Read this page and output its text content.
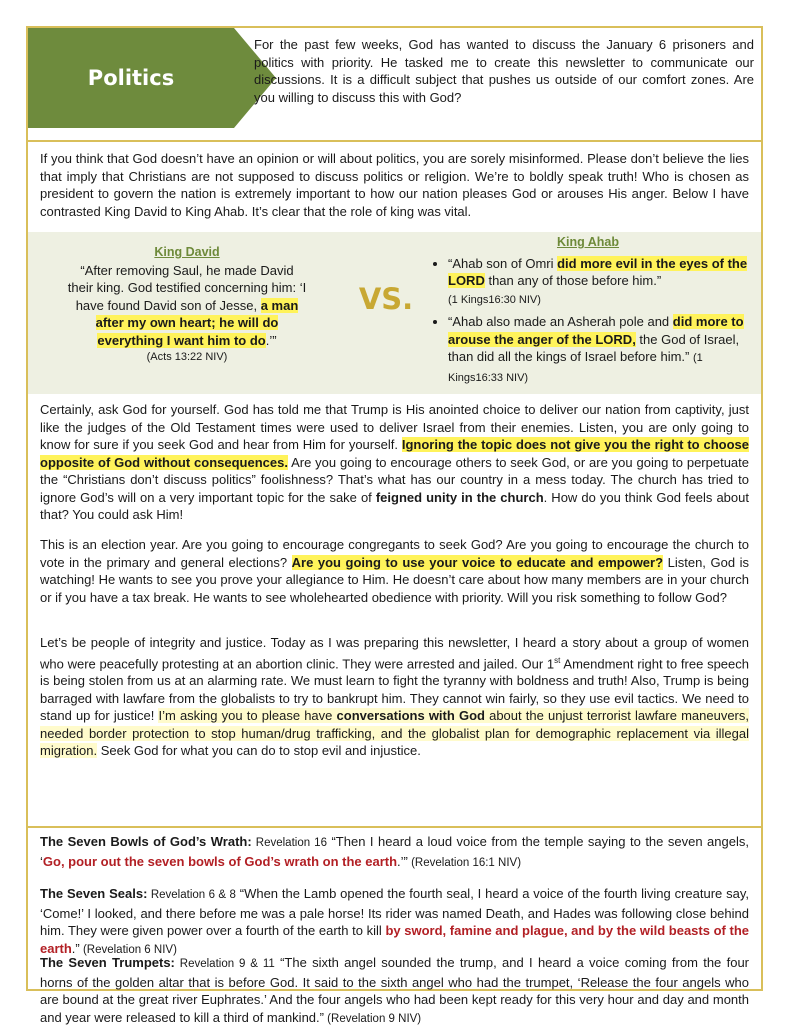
Politics
For the past few weeks, God has wanted to discuss the January 6 prisoners and politics with priority. He tasked me to create this newsletter to communicate our discussions. It is a difficult subject that pushes us outside of our comfort zones. Are you willing to discuss this with God?
If you think that God doesn’t have an opinion or will about politics, you are sorely misinformed. Please don’t believe the lies that imply that Christians are not supposed to discuss politics or religion. We’re to boldly speak truth! Who is chosen as president to govern the nation is extremely important to how our nation pleases God or arouses His anger. Below I have contrasted King David to King Ahab. It’s clear that the role of king was vital.
King David
“After removing Saul, he made David their king. God testified concerning him: ‘I have found David son of Jesse, a man after my own heart; he will do everything I want him to do.’”
(Acts 13:22 NIV)
VS.
King Ahab
• “Ahab son of Omri did more evil in the eyes of the LORD than any of those before him.”
(1 Kings16:30 NIV)
• “Ahab also made an Asherah pole and did more to arouse the anger of the LORD, the God of Israel, than did all the kings of Israel before him.” (1 Kings16:33 NIV)
Certainly, ask God for yourself. God has told me that Trump is His anointed choice to deliver our nation from captivity, just like the judges of the Old Testament times were used to deliver Israel from their enemies. Listen, you are only going to know for sure if you seek God and hear from Him for yourself. Ignoring the topic does not give you the right to choose opposite of God without consequences. Are you going to encourage others to seek God, or are you going to perpetuate the “Christians don’t discuss politics” foolishness? That’s what has our country in a mess today. The church has tried to ignore God’s will on a very important topic for the sake of feigned unity in the church. How do you think God feels about that? You could ask Him!
This is an election year. Are you going to encourage congregants to seek God? Are you going to encourage the church to vote in the primary and general elections? Are you going to use your voice to educate and empower? Listen, God is watching! He wants to see you prove your allegiance to Him. He doesn’t care about how many members are in your church or if you have a tax break. He wants to see wholehearted obedience with priority. Will you risk something to follow God?
Let’s be people of integrity and justice. Today as I was preparing this newsletter, I heard a story about a group of women who were peacefully protesting at an abortion clinic. They were arrested and jailed. Our 1st Amendment right to free speech is being stolen from us at an alarming rate. We must learn to fight the tyranny with boldness and truth! Also, Trump is being barraged with lawfare from the globalists to try to bankrupt him. They cannot win fairly, so they use evil tactics. We need to stand up for justice! I’m asking you to please have conversations with God about the unjust terrorist lawfare maneuvers, needed border protection to stop human/drug trafficking, and the globalist plan for demographic replacement via illegal migration. Seek God for what you can do to stop evil and injustice.
The Seven Bowls of God’s Wrath: Revelation 16 “Then I heard a loud voice from the temple saying to the seven angels, ‘Go, pour out the seven bowls of God’s wrath on the earth.’” (Revelation 16:1 NIV)
The Seven Seals: Revelation 6 & 8 “When the Lamb opened the fourth seal, I heard a voice of the fourth living creature say, ‘Come!’ I looked, and there before me was a pale horse! Its rider was named Death, and Hades was following close behind him. They were given power over a fourth of the earth to kill by sword, famine and plague, and by the wild beasts of the earth.” (Revelation 6 NIV)
The Seven Trumpets: Revelation 9 & 11 “The sixth angel sounded the trump, and I heard a voice coming from the four horns of the golden altar that is before God. It said to the sixth angel who had the trumpet, ‘Release the four angels who are bound at the great river Euphrates.’ And the four angels who had been kept ready for this very hour and day and month and year were released to kill a third of mankind.” (Revelation 9 NIV)
